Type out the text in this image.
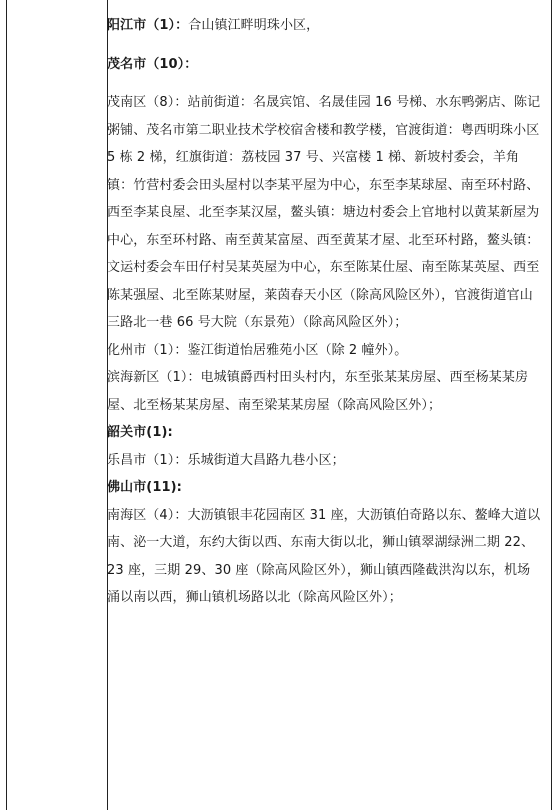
阳江市（1）：合山镇江畔明珠小区，

茂名市（10）：

茂南区（8）：站前街道：名晟宾馆、名晟佳园 16 号梯、水东鸭粥店、陈记粥铺、茂名市第二职业技术学校宿舍楼和教学楼，官渡街道：粤西明珠小区 5 栋 2 梯，红旗街道：荔枝园 37 号、兴富楼 1 梯、新坡村委会，羊角镇：竹营村委会田头屋村以李某平屋为中心，东至李某球屋、南至环村路、西至李某良屋、北至李某汉屋，鳌头镇：塘边村委会上官地村以黄某新屋为中心，东至环村路、南至黄某富屋、西至黄某才屋、北至环村路，鳌头镇：文运村委会车田仔村吴某英屋为中心，东至陈某仕屋、南至陈某英屋、西至陈某强屋、北至陈某财屋，莱茵春天小区（除高风险区外），官渡街道官山三路北一巷 66 号大院（东景苑）（除高风险区外）；

化州市（1）：鉴江街道怡居雅苑小区（除 2 幢外）。

滨海新区（1）：电城镇爵西村田头村内，东至张某某房屋、西至杨某某房屋、北至杨某某房屋、南至梁某某房屋（除高风险区外）；

韶关市(1):

乐昌市（1）：乐城街道大昌路九巷小区；

佛山市(11):

南海区（4）：大沥镇银丰花园南区 31 座，大沥镇伯奇路以东、鳌峰大道以南、泌一大道，东约大街以西、东南大街以北，狮山镇翠湖绿洲二期 22、23 座，三期 29、30 座（除高风险区外），狮山镇西隆截洪沟以东，机场涌以南以西，狮山镇机场路以北（除高风险区外）；
